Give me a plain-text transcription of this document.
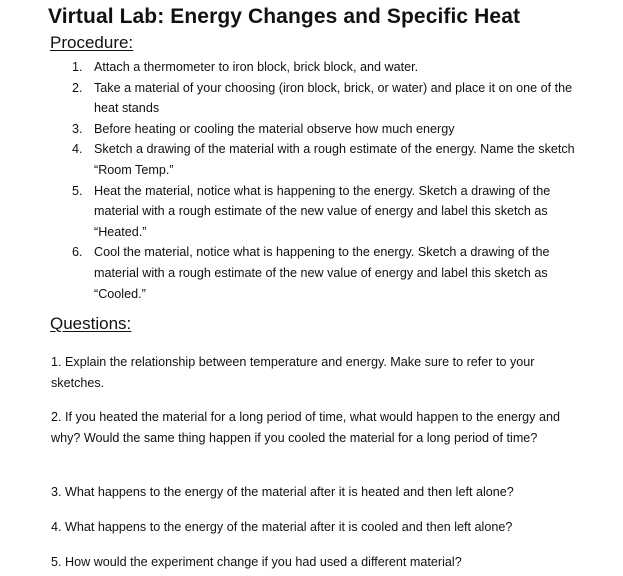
Virtual Lab: Energy Changes and Specific Heat
Procedure:
1. Attach a thermometer to iron block, brick block, and water.
2. Take a material of your choosing (iron block, brick, or water) and place it on one of the heat stands
3. Before heating or cooling the material observe how much energy
4. Sketch a drawing of the material with a rough estimate of the energy. Name the sketch “Room Temp.”
5. Heat the material, notice what is happening to the energy. Sketch a drawing of the material with a rough estimate of the new value of energy and label this sketch as “Heated.”
6. Cool the material, notice what is happening to the energy. Sketch a drawing of the material with a rough estimate of the new value of energy and label this sketch as “Cooled.”
Questions:

1. Explain the relationship between temperature and energy. Make sure to refer to your sketches.

2. If you heated the material for a long period of time, what would happen to the energy and why? Would the same thing happen if you cooled the material for a long period of time?

3. What happens to the energy of the material after it is heated and then left alone?

4. What happens to the energy of the material after it is cooled and then left alone?

5. How would the experiment change if you had used a different material?
